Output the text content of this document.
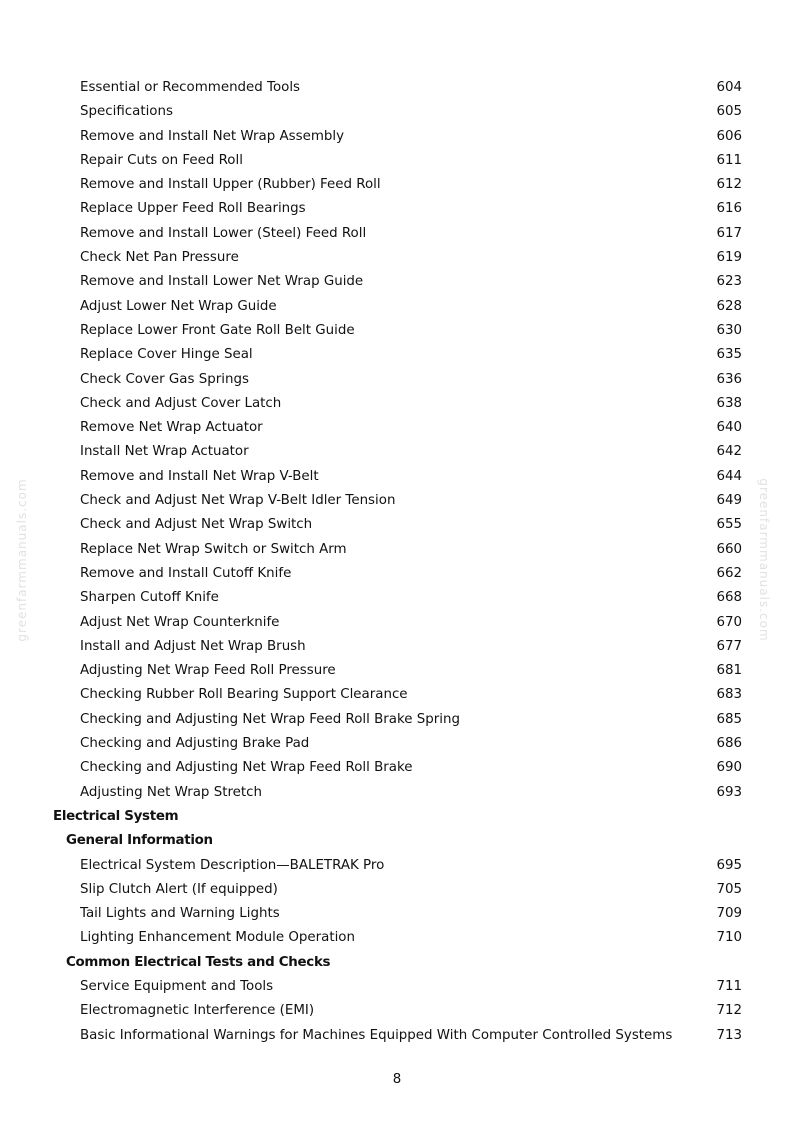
greenfarmmanuals.com	greenfarmmanuals.com
Essential or Recommended Tools	604
Specifications	605
Remove and Install Net Wrap Assembly	606
Repair Cuts on Feed Roll	611
Remove and Install Upper (Rubber) Feed Roll	612
Replace Upper Feed Roll Bearings	616
Remove and Install Lower (Steel) Feed Roll	617
Check Net Pan Pressure	619
Remove and Install Lower Net Wrap Guide	623
Adjust Lower Net Wrap Guide	628
Replace Lower Front Gate Roll Belt Guide	630
Replace Cover Hinge Seal	635
Check Cover Gas Springs	636
Check and Adjust Cover Latch	638
Remove Net Wrap Actuator	640
Install Net Wrap Actuator	642
Remove and Install Net Wrap V-Belt	644
Check and Adjust Net Wrap V-Belt Idler Tension	649
Check and Adjust Net Wrap Switch	655
Replace Net Wrap Switch or Switch Arm	660
Remove and Install Cutoff Knife	662
Sharpen Cutoff Knife	668
Adjust Net Wrap Counterknife	670
Install and Adjust Net Wrap Brush	677
Adjusting Net Wrap Feed Roll Pressure	681
Checking Rubber Roll Bearing Support Clearance	683
Checking and Adjusting Net Wrap Feed Roll Brake Spring	685
Checking and Adjusting Brake Pad	686
Checking and Adjusting Net Wrap Feed Roll Brake	690
Adjusting Net Wrap Stretch	693
Electrical System
General Information
Electrical System Description—BALETRAK Pro	695
Slip Clutch Alert (If equipped)	705
Tail Lights and Warning Lights	709
Lighting Enhancement Module Operation	710
Common Electrical Tests and Checks
Service Equipment and Tools	711
Electromagnetic Interference (EMI)	712
Basic Informational Warnings for Machines Equipped With Computer Controlled Systems	713
8
